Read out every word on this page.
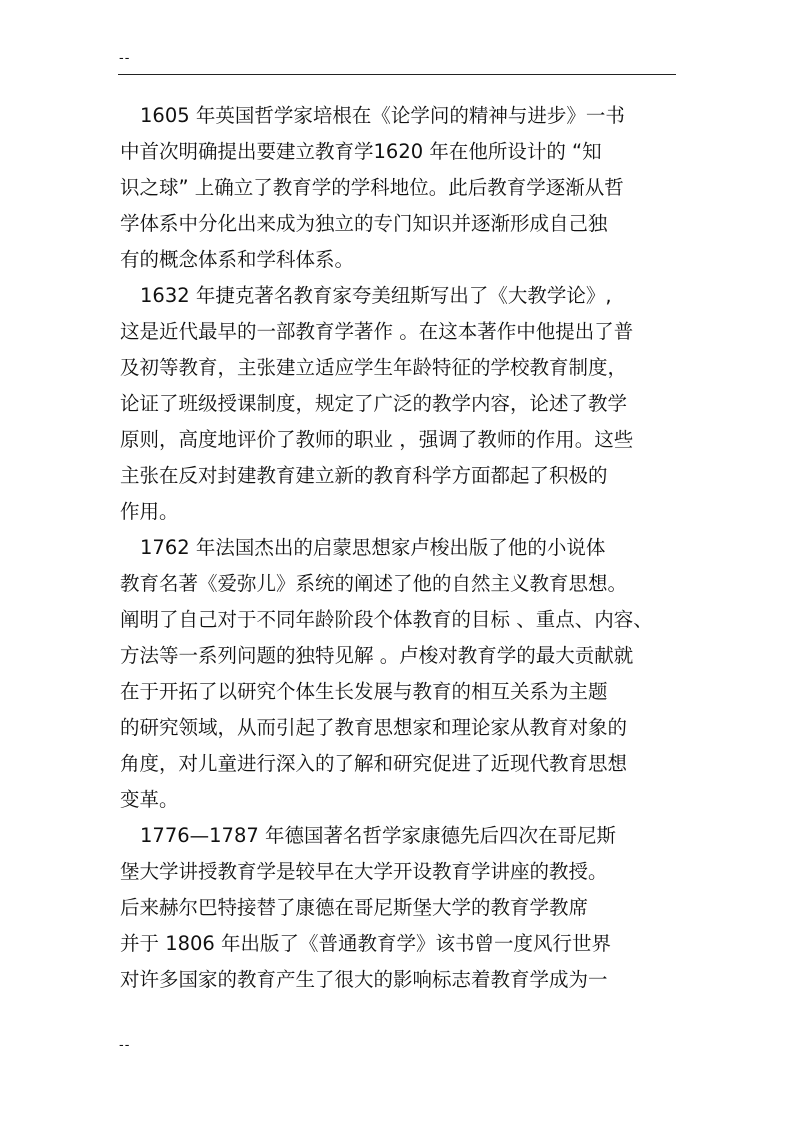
--
1605 年英国哲学家培根在《论学问的精神与进步》一书
中首次明确提出要建立教育学1620 年在他所设计的 “知
识之球” 上确立了教育学的学科地位。此后教育学逐渐从哲
学体系中分化出来成为独立的专门知识并逐渐形成自己独
有的概念体系和学科体系。
1632 年捷克著名教育家夸美纽斯写出了《大教学论》,
这是近代最早的一部教育学著作 。在这本著作中他提出了普
及初等教育，主张建立适应学生年龄特征的学校教育制度，
论证了班级授课制度，规定了广泛的教学内容，论述了教学
原则，高度地评价了教师的职业 ，强调了教师的作用。这些
主张在反对封建教育建立新的教育科学方面都起了积极的
作用。
1762 年法国杰出的启蒙思想家卢梭出版了他的小说体
教育名著《爱弥儿》系统的阐述了他的自然主义教育思想。
阐明了自己对于不同年龄阶段个体教育的目标 、重点、内容、
方法等一系列问题的独特见解 。卢梭对教育学的最大贡献就
在于开拓了以研究个体生长发展与教育的相互关系为主题
的研究领域，从而引起了教育思想家和理论家从教育对象的
角度，对儿童进行深入的了解和研究促进了近现代教育思想
变革。
1776—1787 年德国著名哲学家康德先后四次在哥尼斯
堡大学讲授教育学是较早在大学开设教育学讲座的教授。
后来赫尔巴特接替了康德在哥尼斯堡大学的教育学教席
并于 1806 年出版了《普通教育学》该书曾一度风行世界
对许多国家的教育产生了很大的影响标志着教育学成为一
--
